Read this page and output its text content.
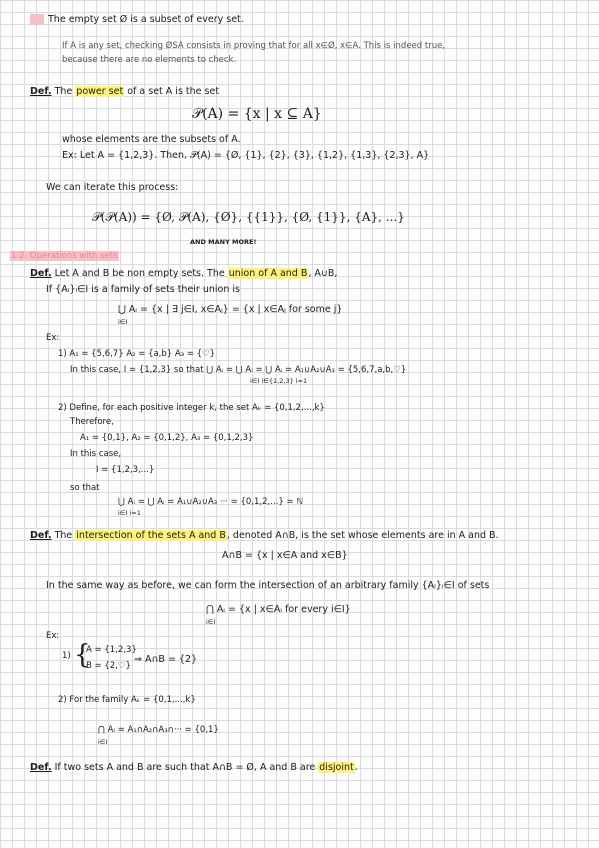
The empty set Ø is a subset of every set.
If A is any set, checking ØSA consists in proving that for all x∈Ø, x∈A. This is indeed true,
because there are no elements to check.
Def. The power set of a set A is the set
𝒫(A) = {x | x ⊆ A}
whose elements are the subsets of A.
Ex: Let A = {1,2,3}. Then, 𝒫(A) = {Ø, {1}, {2}, {3}, {1,2}, {1,3}, {2,3}, A}
We can iterate this process:
𝒫(𝒫(A)) = {Ø, 𝒫(A), {Ø}, {{1}}, {Ø, {1}}, {A}, ...}
AND MANY MORE!
1.2. Operations with sets
Def. Let A and B be non empty sets. The union of A and B, A∪B,
If {Aᵢ}ᵢ∈I is a family of sets their union is
⋃ Aᵢ = {x | ∃ j∈I, x∈Aⱼ} = {x | x∈Aⱼ for some j}
i∈I
Ex:
1) A₁ = {5,6,7} A₂ = {a,b} A₃ = {♡}
In this case, I = {1,2,3} so that ⋃ Aᵢ = ⋃ Aᵢ = ⋃ Aᵢ = A₁∪A₂∪A₃ = {5,6,7,a,b,♡}
i∈I i∈{1,2,3} i=1
2) Define, for each positive integer k, the set Aₖ = {0,1,2,...,k}
Therefore,
A₁ = {0,1}, A₂ = {0,1,2}, A₃ = {0,1,2,3}
In this case,
I = {1,2,3,...}
so that
⋃ Aᵢ = ⋃ Aᵢ = A₁∪A₂∪A₃ ··· = {0,1,2,...} = ℕ
i∈I i=1
Def. The intersection of the sets A and B, denoted A∩B, is the set whose elements are in A and B.
A∩B = {x | x∈A and x∈B}
In the same way as before, we can form the intersection of an arbitrary family {Aᵢ}ᵢ∈I of sets
⋂ Aᵢ = {x | x∈Aᵢ for every i∈I}
i∈I
Ex:
1) {
A = {1,2,3}
B = {2,♡}
⇒ A∩B = {2}
2) For the family Aₖ = {0,1,...,k}
⋂ Aᵢ = A₁∩A₂∩A₃∩··· = {0,1}
i∈I
Def. If two sets A and B are such that A∩B = Ø, A and B are disjoint.
